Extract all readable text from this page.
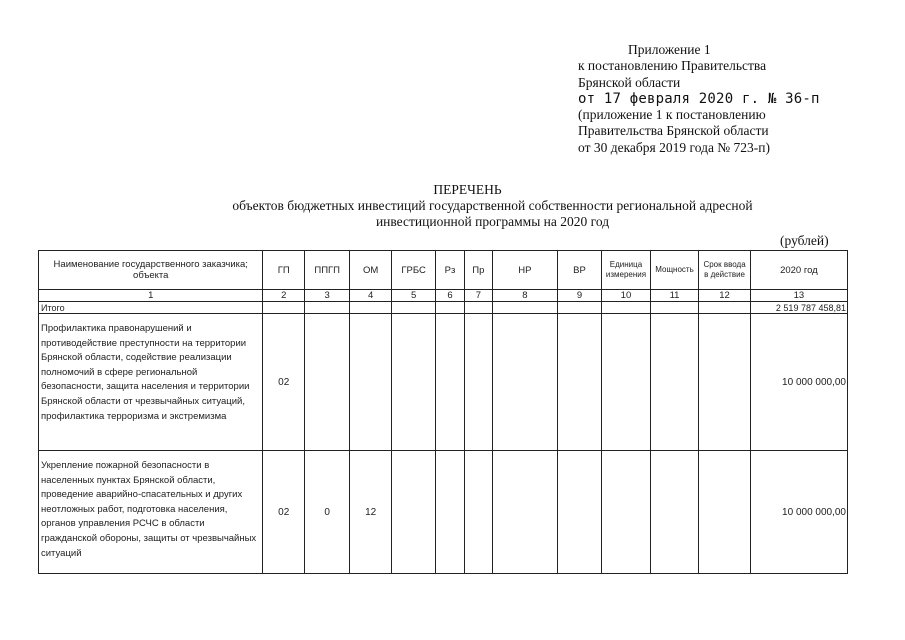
Приложение 1
к постановлению Правительства
Брянской области
от 17 февраля 2020 г. № 36-п
(приложение 1 к постановлению
Правительства Брянской области
от 30 декабря 2019 года № 723-п)
ПЕРЕЧЕНЬ
объектов бюджетных инвестиций государственной собственности региональной адресной
инвестиционной программы на 2020 год
(рублей)
Наименование государственного заказчика; объекта	ГП	ППГП	ОМ	ГРБС	Рз	Пр	НР	ВР	Единица измерения	Мощность	Срок ввода в действие	2020 год
1	2	3	4	5	6	7	8	9	10	11	12	13
Итого												2 519 787 458,81
Профилактика правонарушений и противодействие преступности на территории Брянской области, содействие реализации полномочий в сфере региональной безопасности, защита населения и территории Брянской области от чрезвычайных ситуаций, профилактика терроризма и экстремизма	02											10 000 000,00
Укрепление пожарной безопасности в населенных пунктах Брянской области, проведение аварийно-спасательных и других неотложных работ, подготовка населения, органов управления РСЧС в области гражданской обороны, защиты от чрезвычайных ситуаций	02	0	12									10 000 000,00
